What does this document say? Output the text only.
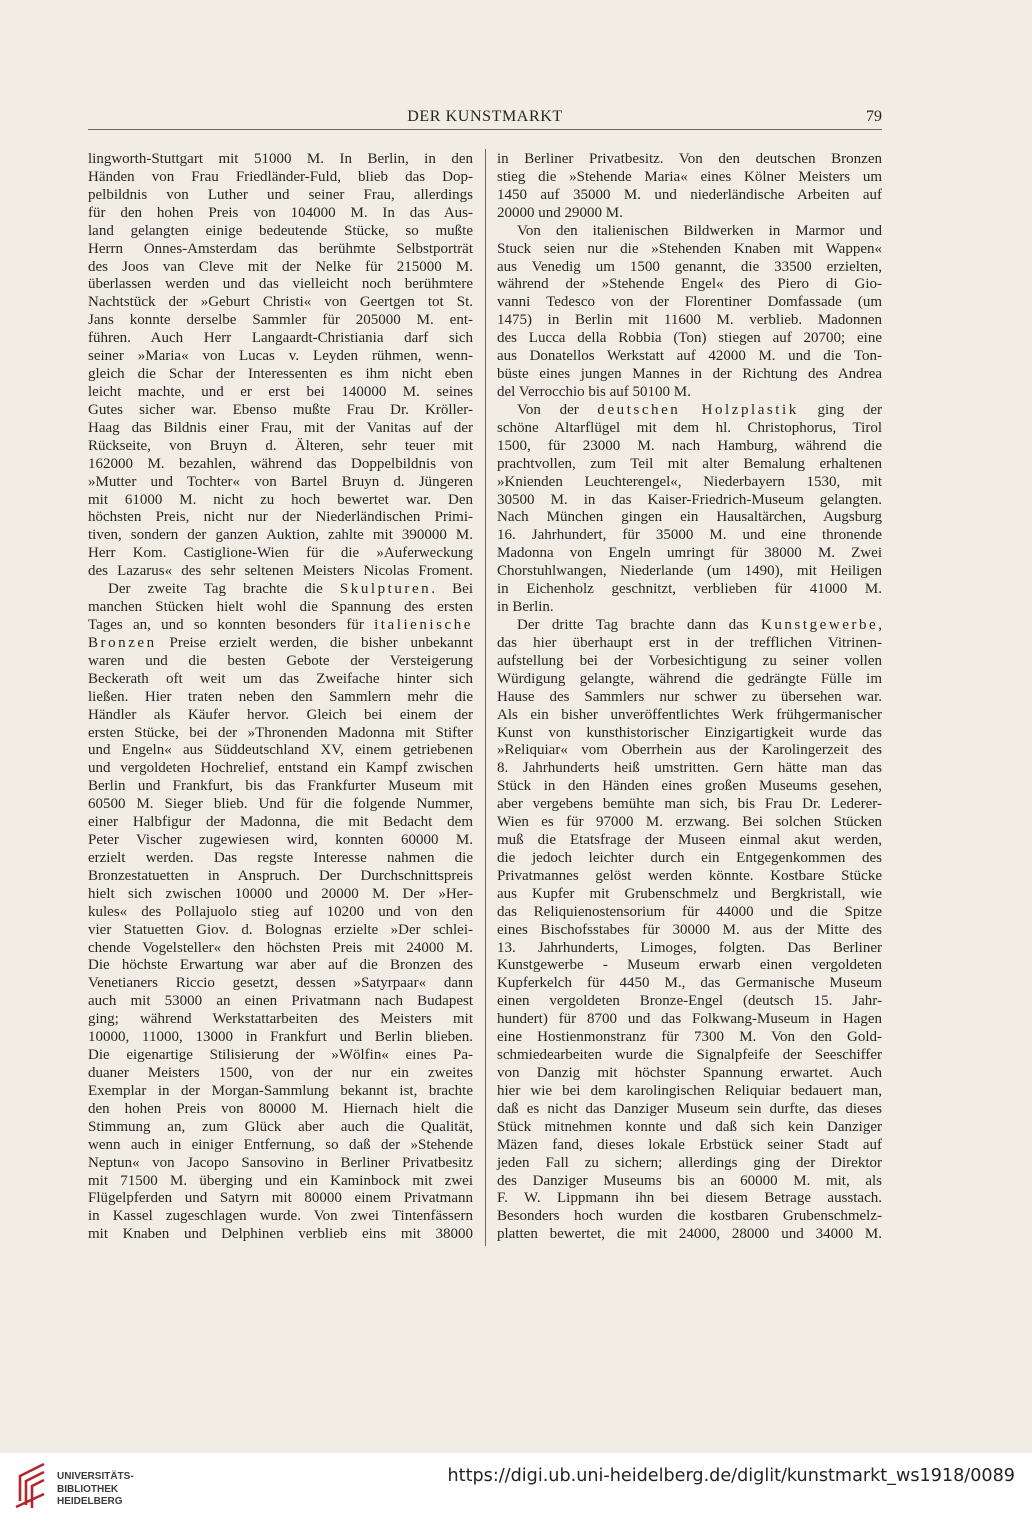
DER KUNSTMARKT	79
lingworth-Stuttgart mit 51000 M. In Berlin, in den
Händen von Frau Friedländer-Fuld, blieb das Dop-
pelbildnis von Luther und seiner Frau, allerdings
für den hohen Preis von 104000 M. In das Aus-
land gelangten einige bedeutende Stücke, so mußte
Herrn Onnes-Amsterdam das berühmte Selbstporträt
des Joos van Cleve mit der Nelke für 215000 M.
überlassen werden und das vielleicht noch berühmtere
Nachtstück der »Geburt Christi« von Geertgen tot St.
Jans konnte derselbe Sammler für 205000 M. ent-
führen. Auch Herr Langaardt-Christiania darf sich
seiner »Maria« von Lucas v. Leyden rühmen, wenn-
gleich die Schar der Interessenten es ihm nicht eben
leicht machte, und er erst bei 140000 M. seines
Gutes sicher war. Ebenso mußte Frau Dr. Kröller-
Haag das Bildnis einer Frau, mit der Vanitas auf der
Rückseite, von Bruyn d. Älteren, sehr teuer mit
162000 M. bezahlen, während das Doppelbildnis von
»Mutter und Tochter« von Bartel Bruyn d. Jüngeren
mit 61000 M. nicht zu hoch bewertet war. Den
höchsten Preis, nicht nur der Niederländischen Primi-
tiven, sondern der ganzen Auktion, zahlte mit 390000 M.
Herr Kom. Castiglione-Wien für die »Auferweckung
des Lazarus« des sehr seltenen Meisters Nicolas Froment.
Der zweite Tag brachte die Skulpturen. Bei
manchen Stücken hielt wohl die Spannung des ersten
Tages an, und so konnten besonders für italienische
Bronzen Preise erzielt werden, die bisher unbekannt
waren und die besten Gebote der Versteigerung
Beckerath oft weit um das Zweifache hinter sich
ließen. Hier traten neben den Sammlern mehr die
Händler als Käufer hervor. Gleich bei einem der
ersten Stücke, bei der »Thronenden Madonna mit Stifter
und Engeln« aus Süddeutschland XV, einem getriebenen
und vergoldeten Hochrelief, entstand ein Kampf zwischen
Berlin und Frankfurt, bis das Frankfurter Museum mit
60500 M. Sieger blieb. Und für die folgende Nummer,
einer Halbfigur der Madonna, die mit Bedacht dem
Peter Vischer zugewiesen wird, konnten 60000 M.
erzielt werden. Das regste Interesse nahmen die
Bronzestatuetten in Anspruch. Der Durchschnittspreis
hielt sich zwischen 10000 und 20000 M. Der »Her-
kules« des Pollajuolo stieg auf 10200 und von den
vier Statuetten Giov. d. Bolognas erzielte »Der schlei-
chende Vogelsteller« den höchsten Preis mit 24000 M.
Die höchste Erwartung war aber auf die Bronzen des
Venetianers Riccio gesetzt, dessen »Satyrpaar« dann
auch mit 53000 an einen Privatmann nach Budapest
ging; während Werkstattarbeiten des Meisters mit
10000, 11000, 13000 in Frankfurt und Berlin blieben.
Die eigenartige Stilisierung der »Wölfin« eines Pa-
duaner Meisters 1500, von der nur ein zweites
Exemplar in der Morgan-Sammlung bekannt ist, brachte
den hohen Preis von 80000 M. Hiernach hielt die
Stimmung an, zum Glück aber auch die Qualität,
wenn auch in einiger Entfernung, so daß der »Stehende
Neptun« von Jacopo Sansovino in Berliner Privatbesitz
mit 71500 M. überging und ein Kaminbock mit zwei
Flügelpferden und Satyrn mit 80000 einem Privatmann
in Kassel zugeschlagen wurde. Von zwei Tintenfässern
mit Knaben und Delphinen verblieb eins mit 38000
in Berliner Privatbesitz. Von den deutschen Bronzen
stieg die »Stehende Maria« eines Kölner Meisters um
1450 auf 35000 M. und niederländische Arbeiten auf
20000 und 29000 M.
Von den italienischen Bildwerken in Marmor und
Stuck seien nur die »Stehenden Knaben mit Wappen«
aus Venedig um 1500 genannt, die 33500 erzielten,
während der »Stehende Engel« des Piero di Gio-
vanni Tedesco von der Florentiner Domfassade (um
1475) in Berlin mit 11600 M. verblieb. Madonnen
des Lucca della Robbia (Ton) stiegen auf 20700; eine
aus Donatellos Werkstatt auf 42000 M. und die Ton-
büste eines jungen Mannes in der Richtung des Andrea
del Verrocchio bis auf 50100 M.
Von der deutschen Holzplastik ging der
schöne Altarflügel mit dem hl. Christophorus, Tirol
1500, für 23000 M. nach Hamburg, während die
prachtvollen, zum Teil mit alter Bemalung erhaltenen
»Knienden Leuchterengel«, Niederbayern 1530, mit
30500 M. in das Kaiser-Friedrich-Museum gelangten.
Nach München gingen ein Hausaltärchen, Augsburg
16. Jahrhundert, für 35000 M. und eine thronende
Madonna von Engeln umringt für 38000 M. Zwei
Chorstuhlwangen, Niederlande (um 1490), mit Heiligen
in Eichenholz geschnitzt, verblieben für 41000 M.
in Berlin.
Der dritte Tag brachte dann das Kunstgewerbe,
das hier überhaupt erst in der trefflichen Vitrinen-
aufstellung bei der Vorbesichtigung zu seiner vollen
Würdigung gelangte, während die gedrängte Fülle im
Hause des Sammlers nur schwer zu übersehen war.
Als ein bisher unveröffentlichtes Werk frühgermanischer
Kunst von kunsthistorischer Einzigartigkeit wurde das
»Reliquiar« vom Oberrhein aus der Karolingerzeit des
8. Jahrhunderts heiß umstritten. Gern hätte man das
Stück in den Händen eines großen Museums gesehen,
aber vergebens bemühte man sich, bis Frau Dr. Lederer-
Wien es für 97000 M. erzwang. Bei solchen Stücken
muß die Etatsfrage der Museen einmal akut werden,
die jedoch leichter durch ein Entgegenkommen des
Privatmannes gelöst werden könnte. Kostbare Stücke
aus Kupfer mit Grubenschmelz und Bergkristall, wie
das Reliquienostensorium für 44000 und die Spitze
eines Bischofsstabes für 30000 M. aus der Mitte des
13. Jahrhunderts, Limoges, folgten. Das Berliner
Kunstgewerbe - Museum erwarb einen vergoldeten
Kupferkelch für 4450 M., das Germanische Museum
einen vergoldeten Bronze-Engel (deutsch 15. Jahr-
hundert) für 8700 und das Folkwang-Museum in Hagen
eine Hostienmonstranz für 7300 M. Von den Gold-
schmiedearbeiten wurde die Signalpfeife der Seeschiffer
von Danzig mit höchster Spannung erwartet. Auch
hier wie bei dem karolingischen Reliquiar bedauert man,
daß es nicht das Danziger Museum sein durfte, das dieses
Stück mitnehmen konnte und daß sich kein Danziger
Mäzen fand, dieses lokale Erbstück seiner Stadt auf
jeden Fall zu sichern; allerdings ging der Direktor
des Danziger Museums bis an 60000 M. mit, als
F. W. Lippmann ihn bei diesem Betrage ausstach.
Besonders hoch wurden die kostbaren Grubenschmelz-
platten bewertet, die mit 24000, 28000 und 34000 M.
UNIVERSITÄTS-
BIBLIOTHEK
HEIDELBERG
https://digi.ub.uni-heidelberg.de/diglit/kunstmarkt_ws1918/0089
